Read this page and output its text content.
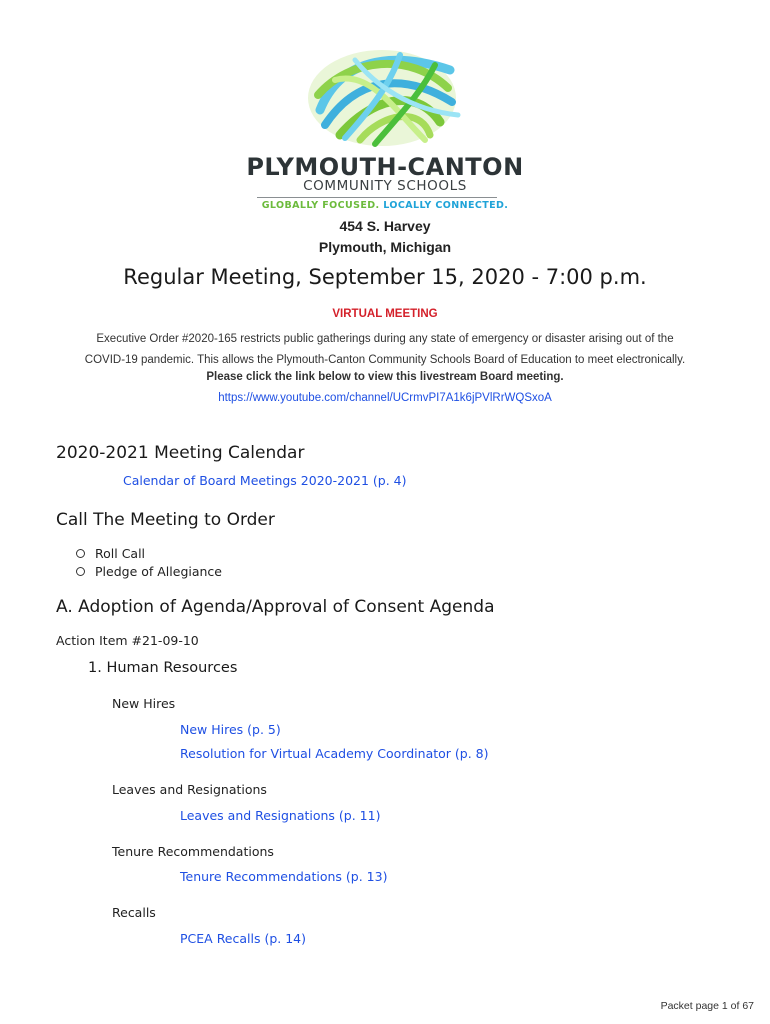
PLYMOUTH-CANTON
COMMUNITY SCHOOLS
GLOBALLY FOCUSED. LOCALLY CONNECTED.
454 S. Harvey
Plymouth, Michigan
Regular Meeting, September 15, 2020 - 7:00 p.m.
VIRTUAL MEETING
Executive Order #2020-165 restricts public gatherings during any state of emergency or disaster arising out of the
COVID-19 pandemic. This allows the Plymouth-Canton Community Schools Board of Education to meet electronically.
Please click the link below to view this livestream Board meeting.
https://www.youtube.com/channel/UCrmvPI7A1k6jPVlRrWQSxoA
2020-2021 Meeting Calendar
Calendar of Board Meetings 2020-2021 (p. 4)
Call The Meeting to Order
Roll Call
Pledge of Allegiance
A. Adoption of Agenda/Approval of Consent Agenda
Action Item #21-09-10
1. Human Resources
New Hires
New Hires (p. 5)
Resolution for Virtual Academy Coordinator (p. 8)
Leaves and Resignations
Leaves and Resignations (p. 11)
Tenure Recommendations
Tenure Recommendations (p. 13)
Recalls
PCEA Recalls (p. 14)
Packet page 1 of 67
